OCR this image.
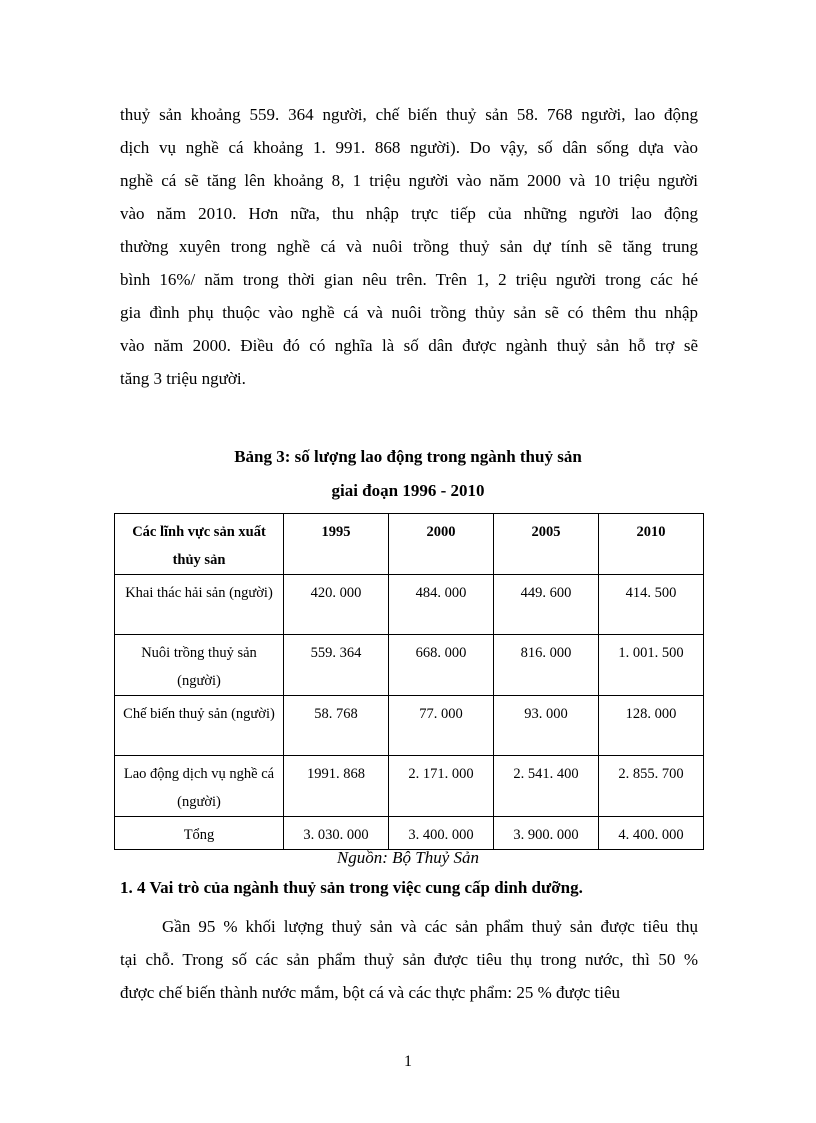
thuỷ sản khoảng 559. 364 người, chế biến thuỷ sản 58. 768 người, lao động
dịch vụ nghề cá khoảng 1. 991. 868 người). Do vậy, số dân sống dựa vào
nghề cá sẽ tăng lên khoảng 8, 1 triệu người vào năm 2000 và 10 triệu người
vào năm 2010. Hơn nữa, thu nhập trực tiếp của những người lao động
thường xuyên trong nghề cá và nuôi trồng thuỷ sản dự tính sẽ tăng trung
bình 16%/ năm trong thời gian nêu trên. Trên 1, 2 triệu người trong các hé
gia đình phụ thuộc vào nghề cá và nuôi trồng thủy sản sẽ có thêm thu nhập
vào năm 2000. Điều đó có nghĩa là số dân được ngành thuỷ sản hỗ trợ sẽ
tăng 3 triệu người.
Bảng 3: số lượng lao động trong ngành thuỷ sản
giai đoạn 1996 - 2010
Các lĩnh vực sản xuất thủy sản	1995	2000	2005	2010
Khai thác hải sản (người)	420. 000	484. 000	449. 600	414. 500
Nuôi trồng thuỷ sản (người)	559. 364	668. 000	816. 000	1. 001. 500
Chế biến thuỷ sản (người)	58. 768	77. 000	93. 000	128. 000
Lao động dịch vụ nghề cá (người)	1991. 868	2. 171. 000	2. 541. 400	2. 855. 700
Tổng	3. 030. 000	3. 400. 000	3. 900. 000	4. 400. 000
Nguồn: Bộ Thuỷ Sản
1. 4 Vai trò của ngành thuỷ sản trong việc cung cấp dinh dưỡng.
Gần 95 % khối lượng thuỷ sản và các sản phẩm thuỷ sản được tiêu thụ
tại chỗ. Trong số các sản phẩm thuỷ sản được tiêu thụ trong nước, thì 50 %
được chế biến thành nước mắm, bột cá và các thực phẩm: 25 % được tiêu
1
